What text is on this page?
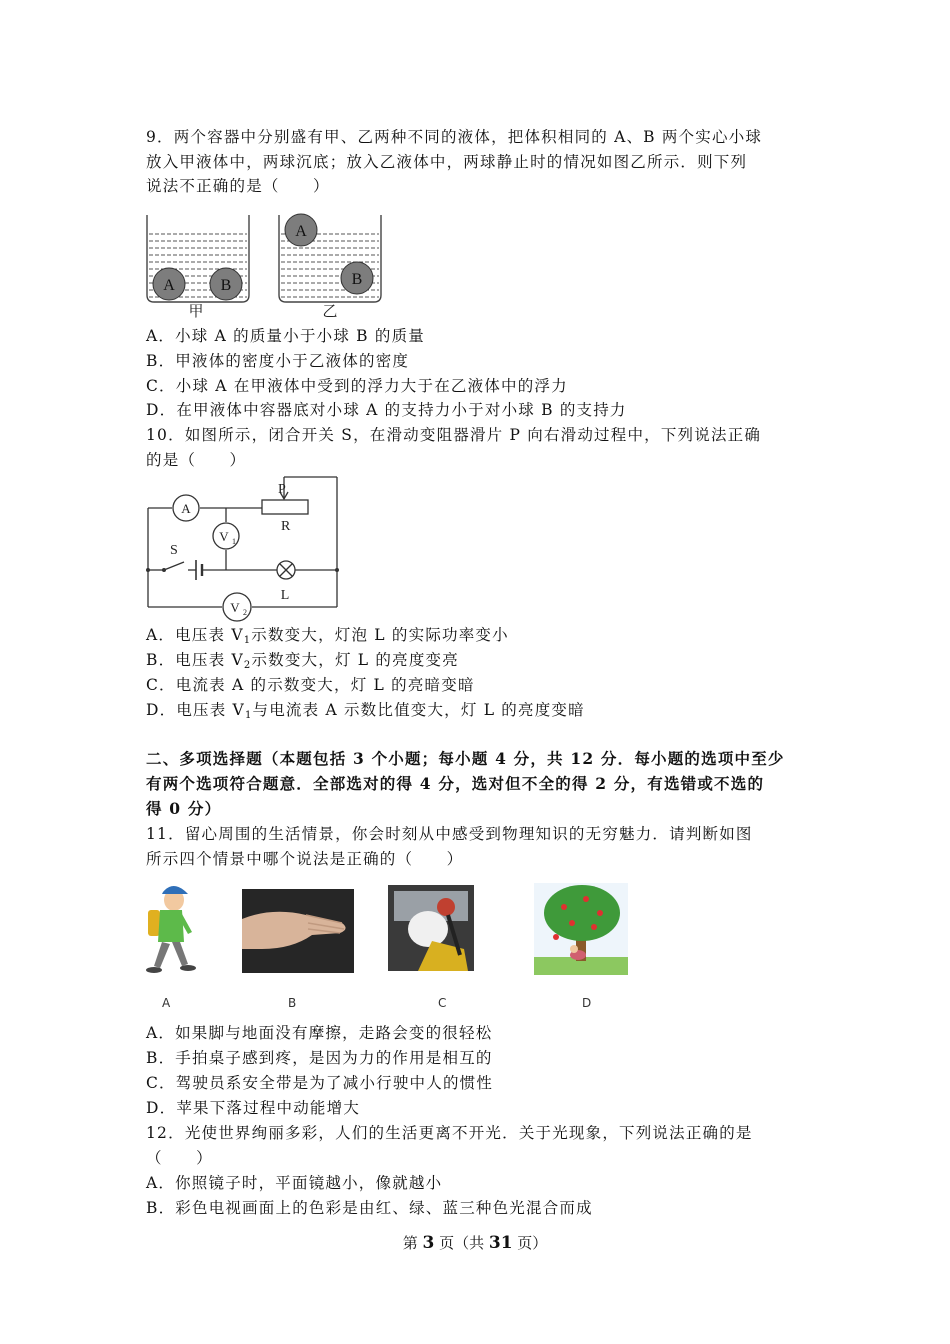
9．两个容器中分别盛有甲、乙两种不同的液体，把体积相同的 A、B 两个实心小球
放入甲液体中，两球沉底；放入乙液体中，两球静止时的情况如图乙所示．则下列
说法不正确的是（　　）
A	B
甲
A
B
乙
A．小球 A 的质量小于小球 B 的质量
B．甲液体的密度小于乙液体的密度
C．小球 A 在甲液体中受到的浮力大于在乙液体中的浮力
D．在甲液体中容器底对小球 A 的支持力小于对小球 B 的支持力
10．如图所示，闭合开关 S，在滑动变阻器滑片 P 向右滑动过程中，下列说法正确
的是（　　）
A
V 1
V 2
P
R
S
L
A．电压表 $V_1$示数变大，灯泡 L 的实际功率变小
B．电压表 $V_2$示数变大，灯 L 的亮度变亮
C．电流表 A 的示数变大，灯 L 的亮暗变暗
D．电压表 $V_1$与电流表 A 示数比值变大，灯 L 的亮度变暗
二、多项选择题（本题包括 3 个小题；每小题 4 分，共 12 分．每小题的选项中至少
有两个选项符合题意．全部选对的得 4 分，选对但不全的得 2 分，有选错或不选的
得 0 分）
11．留心周围的生活情景，你会时刻从中感受到物理知识的无穷魅力．请判断如图
所示四个情景中哪个说法是正确的（　　）
A	B	C	D
A．如果脚与地面没有摩擦，走路会变的很轻松
B．手拍桌子感到疼，是因为力的作用是相互的
C．驾驶员系安全带是为了减小行驶中人的惯性
D．苹果下落过程中动能增大
12．光使世界绚丽多彩，人们的生活更离不开光．关于光现象，下列说法正确的是
（　　）
A．你照镜子时，平面镜越小，像就越小
B．彩色电视画面上的色彩是由红、绿、蓝三种色光混合而成
第 3 页（共 31 页）
